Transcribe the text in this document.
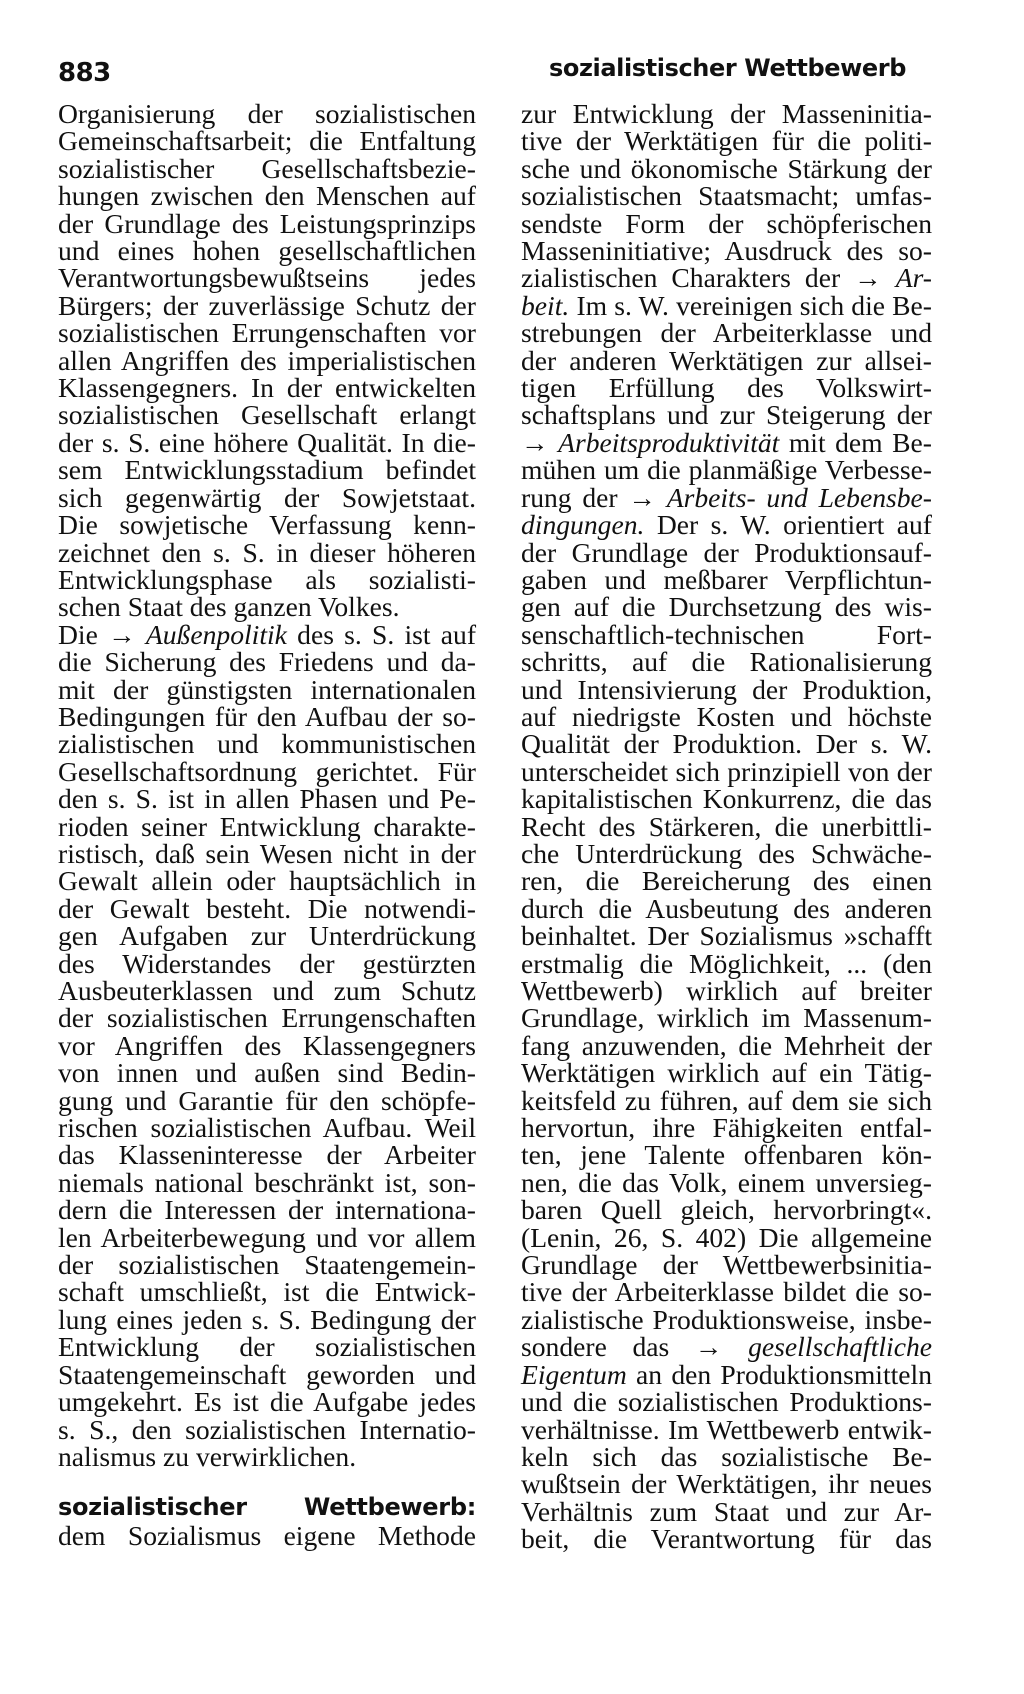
883	sozialistischer Wettbewerb
Organisierung der sozialistischen
Gemeinschaftsarbeit; die Entfaltung
sozialistischer Gesellschaftsbezie-
hungen zwischen den Menschen auf
der Grundlage des Leistungsprinzips
und eines hohen gesellschaftlichen
Verantwortungsbewußtseins jedes
Bürgers; der zuverlässige Schutz der
sozialistischen Errungenschaften vor
allen Angriffen des imperialistischen
Klassengegners. In der entwickelten
sozialistischen Gesellschaft erlangt
der s. S. eine höhere Qualität. In die-
sem Entwicklungsstadium befindet
sich gegenwärtig der Sowjetstaat.
Die sowjetische Verfassung kenn-
zeichnet den s. S. in dieser höheren
Entwicklungsphase als sozialisti-
schen Staat des ganzen Volkes.
Die → Außenpolitik des s. S. ist auf
die Sicherung des Friedens und da-
mit der günstigsten internationalen
Bedingungen für den Aufbau der so-
zialistischen und kommunistischen
Gesellschaftsordnung gerichtet. Für
den s. S. ist in allen Phasen und Pe-
rioden seiner Entwicklung charakte-
ristisch, daß sein Wesen nicht in der
Gewalt allein oder hauptsächlich in
der Gewalt besteht. Die notwendi-
gen Aufgaben zur Unterdrückung
des Widerstandes der gestürzten
Ausbeuterklassen und zum Schutz
der sozialistischen Errungenschaften
vor Angriffen des Klassengegners
von innen und außen sind Bedin-
gung und Garantie für den schöpfe-
rischen sozialistischen Aufbau. Weil
das Klasseninteresse der Arbeiter
niemals national beschränkt ist, son-
dern die Interessen der internationa-
len Arbeiterbewegung und vor allem
der sozialistischen Staatengemein-
schaft umschließt, ist die Entwick-
lung eines jeden s. S. Bedingung der
Entwicklung der sozialistischen
Staatengemeinschaft geworden und
umgekehrt. Es ist die Aufgabe jedes
s. S., den sozialistischen Internatio-
nalismus zu verwirklichen.
sozialistischer Wettbewerb:
dem Sozialismus eigene Methode
zur Entwicklung der Masseninitia-
tive der Werktätigen für die politi-
sche und ökonomische Stärkung der
sozialistischen Staatsmacht; umfas-
sendste Form der schöpferischen
Masseninitiative; Ausdruck des so-
zialistischen Charakters der → Ar-
beit. Im s. W. vereinigen sich die Be-
strebungen der Arbeiterklasse und
der anderen Werktätigen zur allsei-
tigen Erfüllung des Volkswirt-
schaftsplans und zur Steigerung der
→ Arbeitsproduktivität mit dem Be-
mühen um die planmäßige Verbesse-
rung der → Arbeits- und Lebensbe-
dingungen. Der s. W. orientiert auf
der Grundlage der Produktionsauf-
gaben und meßbarer Verpflichtun-
gen auf die Durchsetzung des wis-
senschaftlich-technischen Fort-
schritts, auf die Rationalisierung
und Intensivierung der Produktion,
auf niedrigste Kosten und höchste
Qualität der Produktion. Der s. W.
unterscheidet sich prinzipiell von der
kapitalistischen Konkurrenz, die das
Recht des Stärkeren, die unerbittli-
che Unterdrückung des Schwäche-
ren, die Bereicherung des einen
durch die Ausbeutung des anderen
beinhaltet. Der Sozialismus »schafft
erstmalig die Möglichkeit, ... (den
Wettbewerb) wirklich auf breiter
Grundlage, wirklich im Massenum-
fang anzuwenden, die Mehrheit der
Werktätigen wirklich auf ein Tätig-
keitsfeld zu führen, auf dem sie sich
hervortun, ihre Fähigkeiten entfal-
ten, jene Talente offenbaren kön-
nen, die das Volk, einem unversieg-
baren Quell gleich, hervorbringt«.
(Lenin, 26, S. 402) Die allgemeine
Grundlage der Wettbewerbsinitia-
tive der Arbeiterklasse bildet die so-
zialistische Produktionsweise, insbe-
sondere das → gesellschaftliche
Eigentum an den Produktionsmitteln
und die sozialistischen Produktions-
verhältnisse. Im Wettbewerb entwik-
keln sich das sozialistische Be-
wußtsein der Werktätigen, ihr neues
Verhältnis zum Staat und zur Ar-
beit, die Verantwortung für das
